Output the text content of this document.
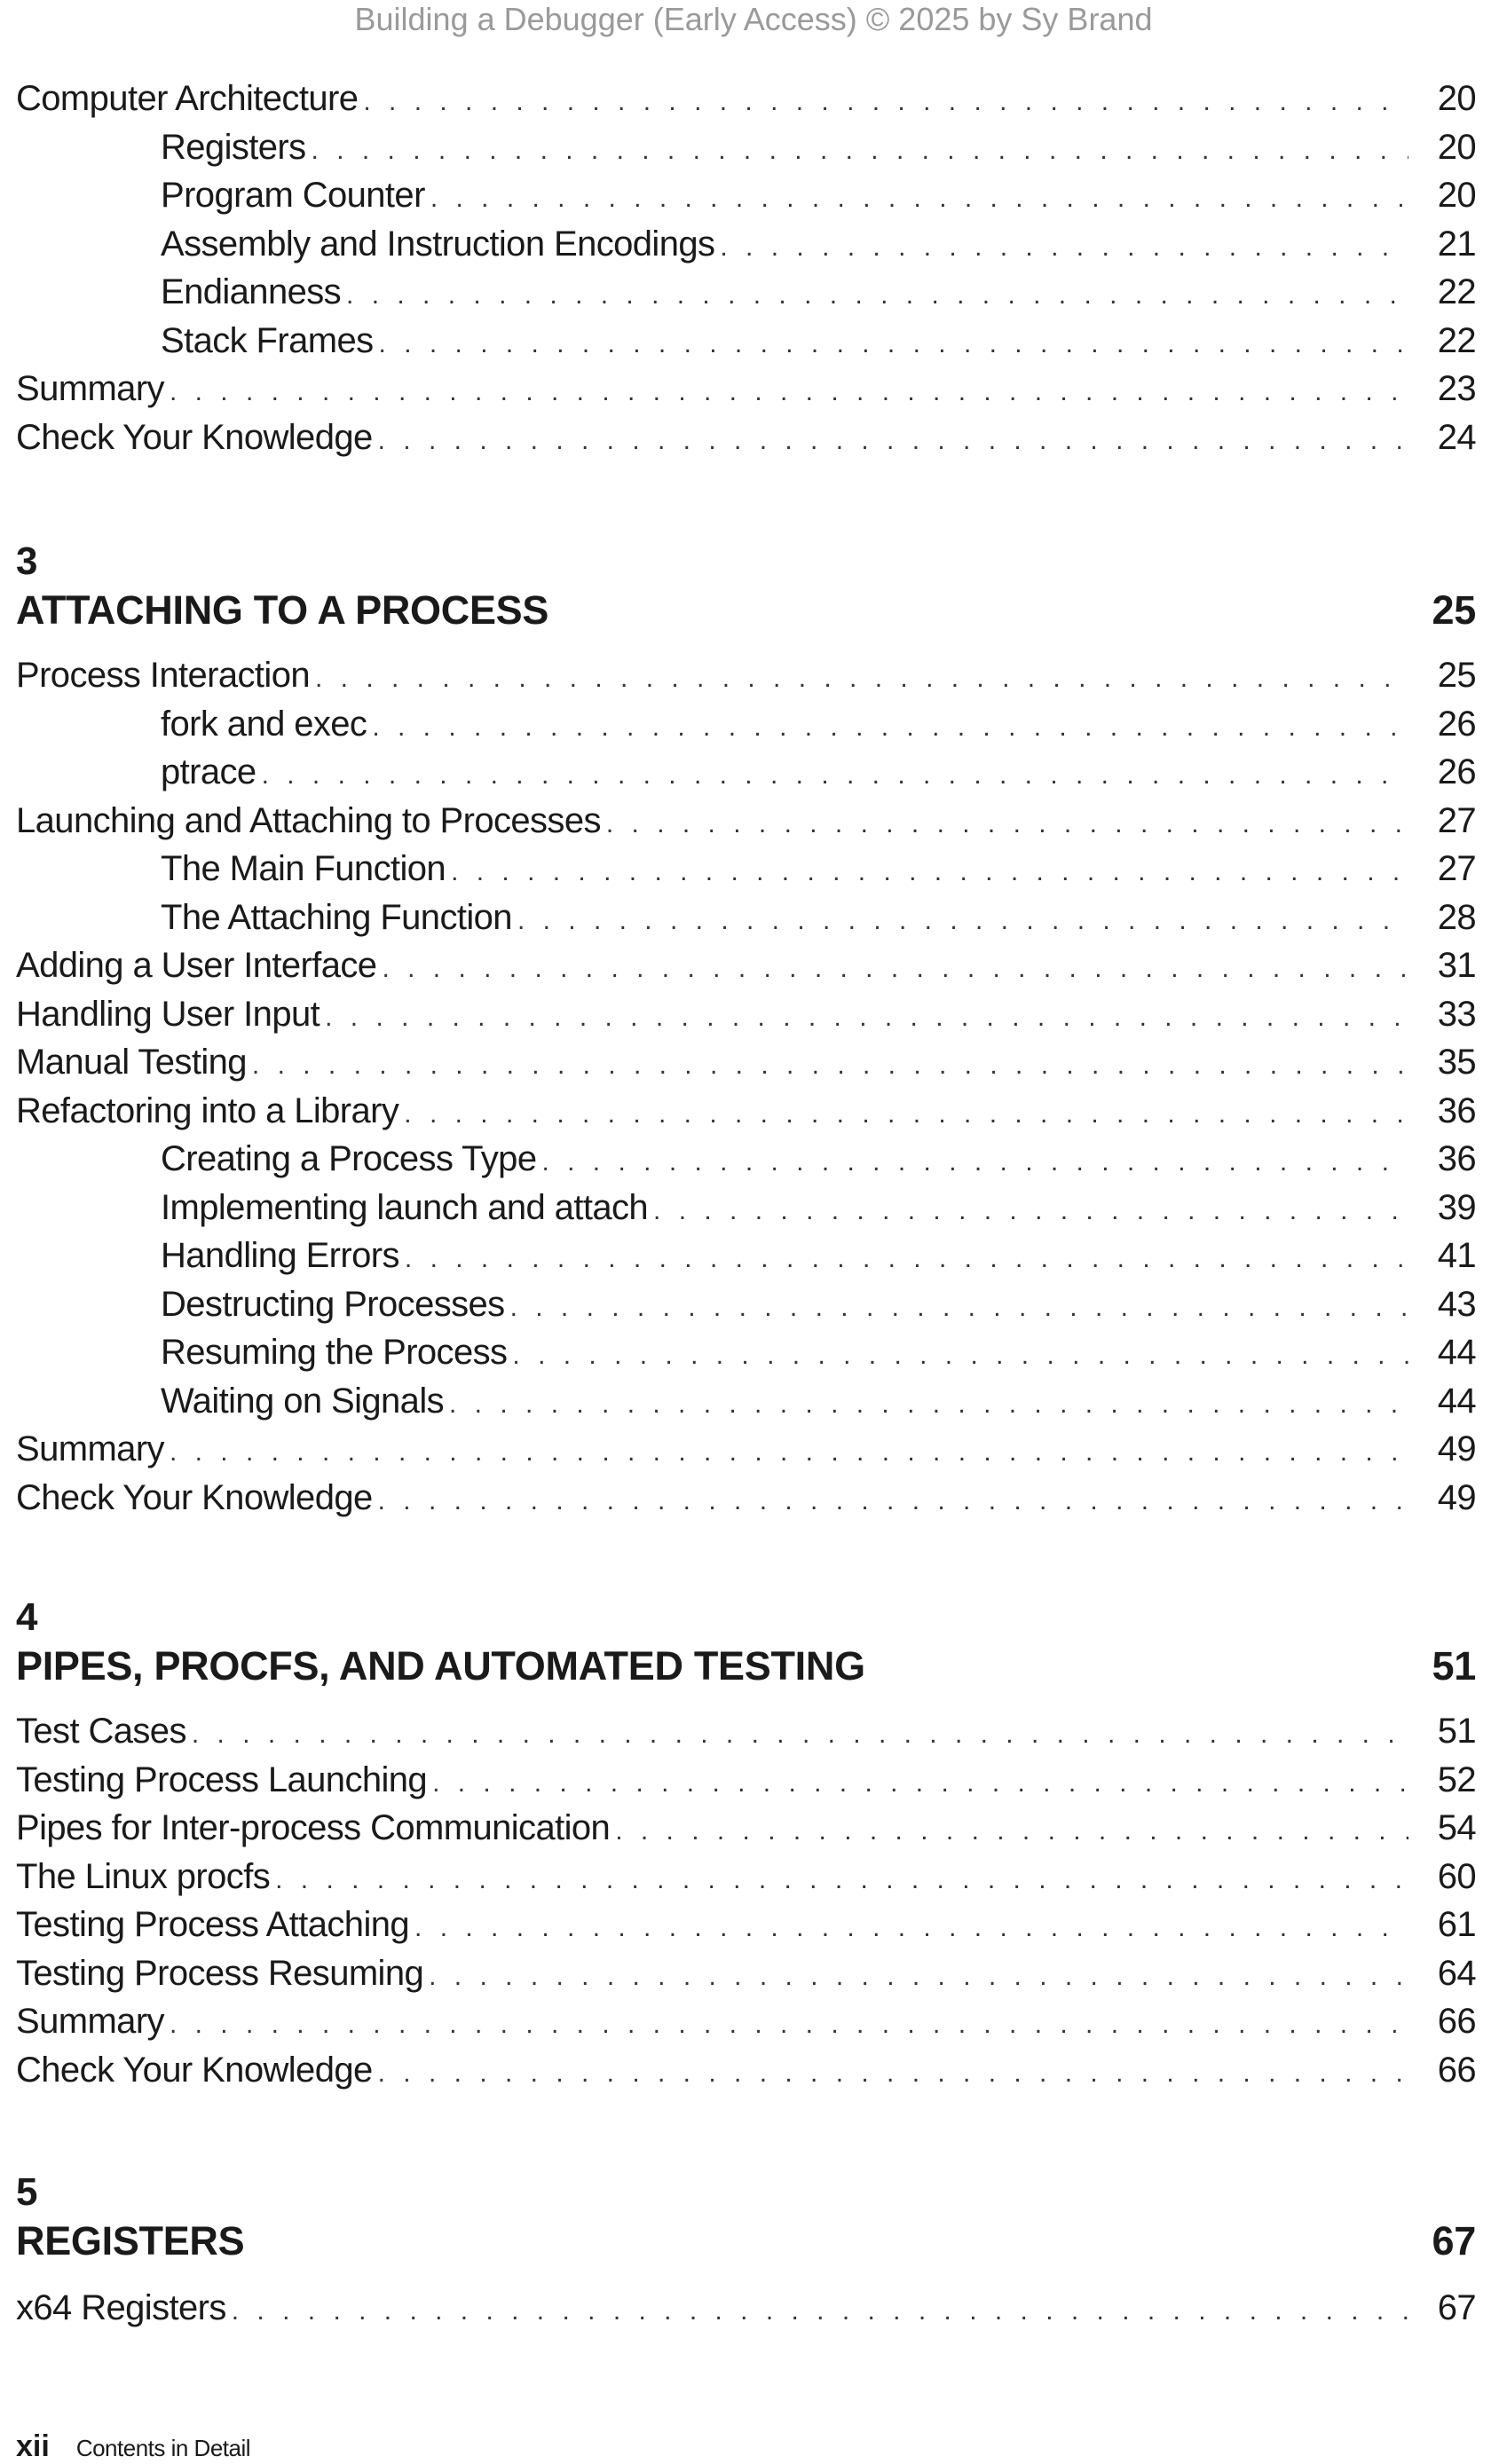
Building a Debugger (Early Access) © 2025 by Sy Brand
Computer Architecture . . .	20
Registers . . .	20
Program Counter . . .	20
Assembly and Instruction Encodings . . .	21
Endianness . . .	22
Stack Frames . . .	22
Summary . . .	23
Check Your Knowledge . . .	24
3
ATTACHING TO A PROCESS	25
Process Interaction . . .	25
fork and exec . . .	26
ptrace . . .	26
Launching and Attaching to Processes . . .	27
The Main Function . . .	27
The Attaching Function . . .	28
Adding a User Interface . . .	31
Handling User Input . . .	33
Manual Testing . . .	35
Refactoring into a Library . . .	36
Creating a Process Type . . .	36
Implementing launch and attach . . .	39
Handling Errors . . .	41
Destructing Processes . . .	43
Resuming the Process . . .	44
Waiting on Signals . . .	44
Summary . . .	49
Check Your Knowledge . . .	49
4
PIPES, PROCFS, AND AUTOMATED TESTING	51
Test Cases . . .	51
Testing Process Launching . . .	52
Pipes for Inter-process Communication . . .	54
The Linux procfs . . .	60
Testing Process Attaching . . .	61
Testing Process Resuming . . .	64
Summary . . .	66
Check Your Knowledge . . .	66
5
REGISTERS	67
x64 Registers . . .	67
xii Contents in Detail
